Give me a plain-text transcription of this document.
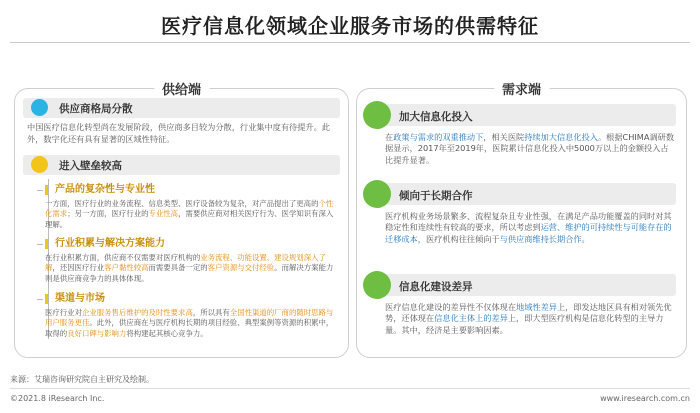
医疗信息化领域企业服务市场的供需特征
供给端
供应商格局分散
中国医疗信息化转型尚在发展阶段，供应商多目较为分散，行业集中度有待提升。此外，数字化还有具有显著的区域性特征。
进入壁垒较高
产品的复杂性与专业性
一方面，医疗行业的业务流程、信息类型、医疗设备较为复杂，对产品提出了更高的个性化需求；另一方面，医疗行业的专业性高，需要供应商对相关医疗行为、医学知识有深入理解。
行业积累与解决方案能力
在行业积累方面，供应商不仅需要对医疗机构的业务流程、功能设置、建设规划深入了解，还因医疗行业客户黏性较高而需要具备一定的客户资源与交付经验。而解决方案能力则是供应商竞争力的具体体现。
渠道与市场
医疗行业对企业服务售后维护的及时性要求高，所以具有全国性渠道的厂商的随时思路与用户服务更佳。此外，供应商在与医疗机构长期的项目经验、典型案例等资源的积累中，取得的良好口碑与影响力将构建起其核心竞争力。
需求端
加大信息化投入
在政策与需求的双重推动下，相关医院持续加大信息化投入。根据CHIMA调研数据显示，2017年至2019年，医院累计信息化投入中5000万以上的金额投入占比提升显著。
倾向于长期合作
医疗机构业务场景繁多、流程复杂且专业性强，在满足产品功能覆盖的同时对其稳定性和连续性有较高的要求，所以考虑到运营、维护的可持续性与可能存在的迁移成本，医疗机构往往倾向于与供应商维持长期合作。
信息化建设差异
医疗信息化建设的差异性不仅体现在地域性差异上，即发达地区具有相对领先优势，还体现在信息化主体上的差异上，即大型医疗机构是信息化转型的主导力量。其中，经济是主要影响因素。
来源：艾瑞咨询研究院自主研究及绘制。
©2021.8 iResearch Inc.	www.iresearch.com.cn
